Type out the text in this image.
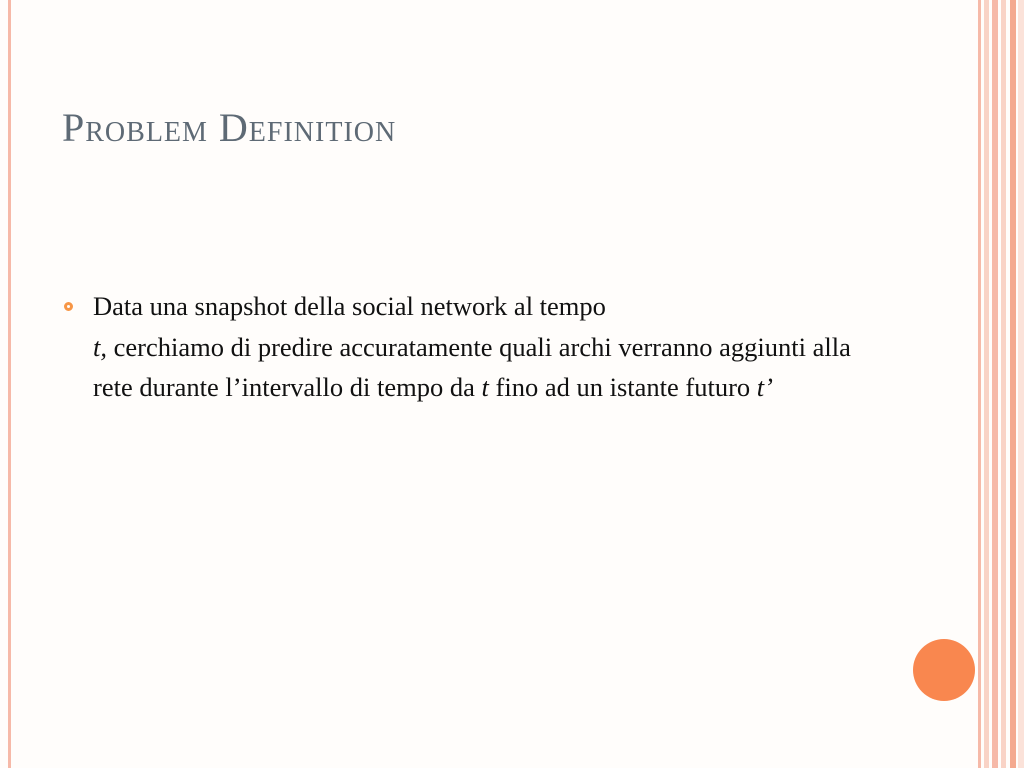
Problem Definition

Data una snapshot della social network al tempo
t, cerchiamo di predire accuratamente quali archi verranno aggiunti alla rete durante l’intervallo di tempo da t fino ad un istante futuro t’
